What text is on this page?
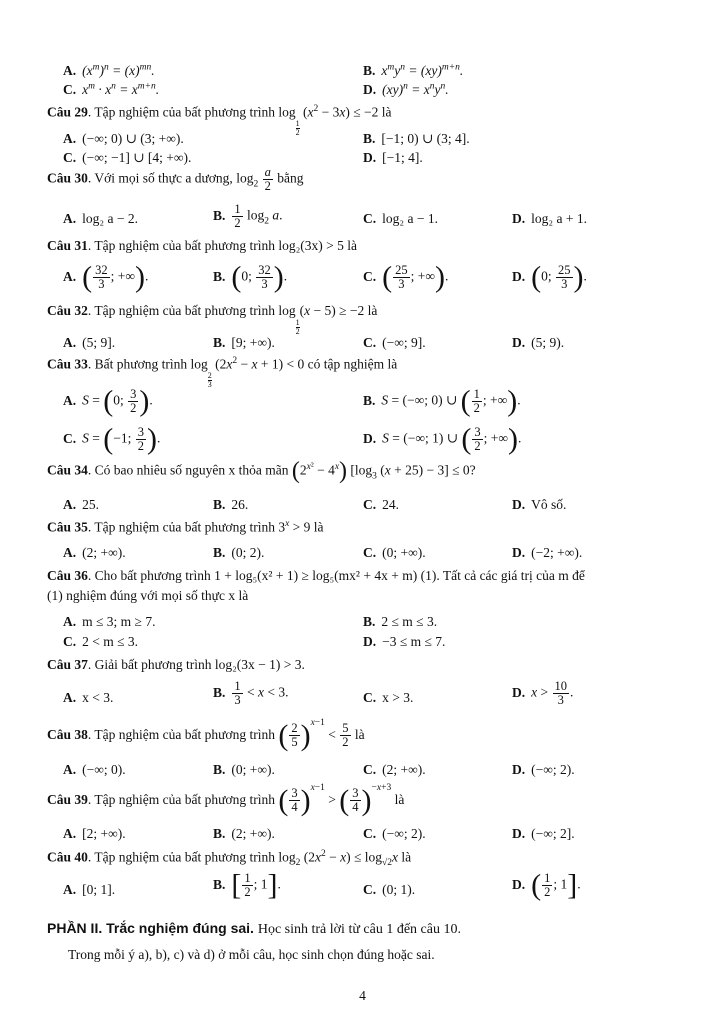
A. $(x^m)^n = (x)^{mn}$.	B. $x^my^n = (xy)^{m+n}$.
C. $x^m \cdot x^n = x^{m+n}$.	D. $(xy)^n = x^ny^n$.
Câu 29. Tập nghiệm của bất phương trình log
$_{\frac{1}{2}}$
$(x^2 - 3x) \le -2$ là
A. (−∞; 0) ∪ (3; +∞).	B. [−1; 0) ∪ (3; 4].
C. (−∞; −1] ∪ [4; +∞).	D. [−1; 4].
Câu 30. Với mọi số thực a dương, $\log_2 \frac{a}{2}$ bằng
A. log₂ a − 2.	B. $\frac{1}{2} \log_2 a$.	C. log₂ a − 1.	D. log₂ a + 1.
Câu 31. Tập nghiệm của bất phương trình log₂(3x) > 5 là
A. ( $\frac{32}{3}$ ; +∞).	B. (0; $\frac{32}{3}$ ).	C. ( $\frac{25}{3}$ ; +∞).	D. (0; $\frac{25}{3}$ ).
Câu 32. Tập nghiệm của bất phương trình log
$_{\frac{1}{2}}$
(x − 5) ≥ −2 là
A. (5; 9].	B. [9; +∞).	C. (−∞; 9].	D. (5; 9).
Câu 33. Bất phương trình log
$_{\frac{2}{3}}$
$(2x^2 - x + 1) < 0$ có tập nghiệm là
A. S = (0; $\frac{3}{2}$ ).	B. S = (−∞; 0) ∪ ( $\frac{1}{2}$ ; +∞).
C. S = (−1; $\frac{3}{2}$ ).	D. S = (−∞; 1) ∪ ( $\frac{3}{2}$ ; +∞).
Câu 34. Có bao nhiêu số nguyên x thỏa mãn $(2^{x^2} - 4^x)$ [$\log_3$ (x + 25) − 3] ≤ 0?
A. 25.	B. 26.	C. 24.	D. Vô số.
Câu 35. Tập nghiệm của bất phương trình $3^x > 9$ là
A. (2; +∞).	B. (0; 2).	C. (0; +∞).	D. (−2; +∞).
Câu 36. Cho bất phương trình 1 + log₅(x² + 1) ≥ log₅(mx² + 4x + m) (1). Tất cả các giá trị của m để
(1) nghiệm đúng với mọi số thực x là
A. m ≤ 3; m ≥ 7.	B. 2 ≤ m ≤ 3.
C. 2 < m ≤ 3.	D. −3 ≤ m ≤ 7.
Câu 37. Giải bất phương trình log₂(3x − 1) > 3.
A. x < 3.	B. $\frac{1}{3} < x < 3$.	C. x > 3.	D. $x > \frac{10}{3}$ .
Câu 38. Tập nghiệm của bất phương trình ( $\frac{2}{5} )^{x-1} < \frac{5}{2}$ là
A. (−∞; 0).	B. (0; +∞).	C. (2; +∞).	D. (−∞; 2).
Câu 39. Tập nghiệm của bất phương trình ( $\frac{3}{4} )^{x-1}$ > ( $\frac{3}{4} )^{-x+3}$ là
A. [2; +∞).	B. (2; +∞).	C. (−∞; 2).	D. (−∞; 2].
Câu 40. Tập nghiệm của bất phương trình $\log_2 (2x^2 - x) \le \log_{√2}x$ là
A. [0; 1].	B. [ $\frac{1}{2}$ ; 1].	C. (0; 1).	D. ( $\frac{1}{2}$ ; 1].
PHẦN II. Trắc nghiệm đúng sai. Học sinh trả lời từ câu 1 đến câu 10.
Trong mỗi ý a), b), c) và d) ở mỗi câu, học sinh chọn đúng hoặc sai.
4
